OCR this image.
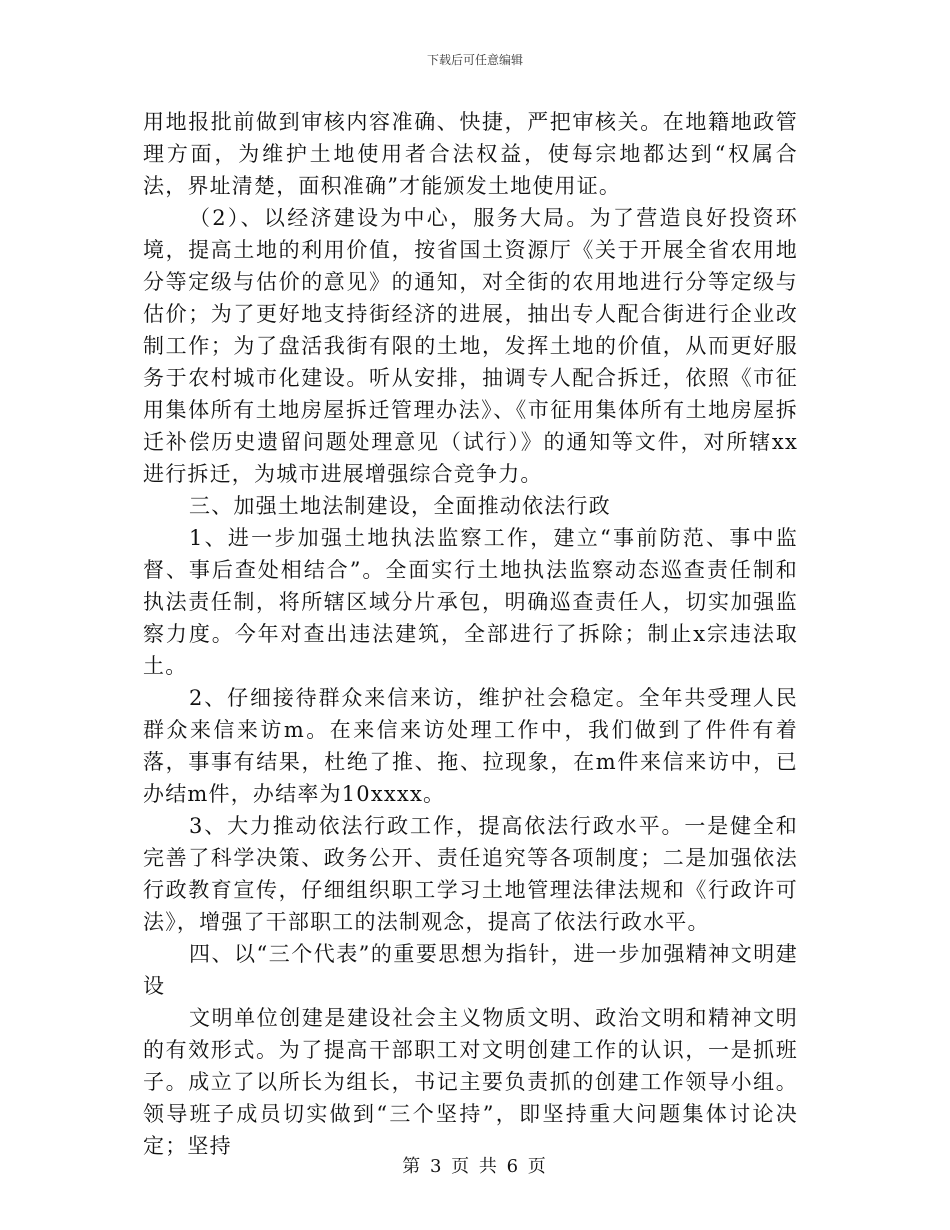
下载后可任意编辑

用地报批前做到审核内容准确、快捷，严把审核关。在地籍地政管理方面，为维护土地使用者合法权益，使每宗地都达到“权属合法，界址清楚，面积准确”才能颁发土地使用证。

（2）、以经济建设为中心，服务大局。为了营造良好投资环境，提高土地的利用价值，按省国土资源厅《关于开展全省农用地分等定级与估价的意见》的通知，对全街的农用地进行分等定级与估价；为了更好地支持街经济的进展，抽出专人配合街进行企业改制工作；为了盘活我街有限的土地，发挥土地的价值，从而更好服务于农村城市化建设。听从安排，抽调专人配合拆迁，依照《市征用集体所有土地房屋拆迁管理办法》、《市征用集体所有土地房屋拆迁补偿历史遗留问题处理意见（试行）》的通知等文件，对所辖xx进行拆迁，为城市进展增强综合竞争力。

三、加强土地法制建设，全面推动依法行政

1、进一步加强土地执法监察工作，建立“事前防范、事中监督、事后查处相结合”。全面实行土地执法监察动态巡查责任制和执法责任制，将所辖区域分片承包，明确巡查责任人，切实加强监察力度。今年对查出违法建筑，全部进行了拆除；制止x宗违法取土。

2、仔细接待群众来信来访，维护社会稳定。全年共受理人民群众来信来访m。在来信来访处理工作中，我们做到了件件有着落，事事有结果，杜绝了推、拖、拉现象，在m件来信来访中，已办结m件，办结率为10xxxx。

3、大力推动依法行政工作，提高依法行政水平。一是健全和完善了科学决策、政务公开、责任追究等各项制度；二是加强依法行政教育宣传，仔细组织职工学习土地管理法律法规和《行政许可法》，增强了干部职工的法制观念，提高了依法行政水平。

四、以“三个代表”的重要思想为指针，进一步加强精神文明建设

文明单位创建是建设社会主义物质文明、政治文明和精神文明的有效形式。为了提高干部职工对文明创建工作的认识，一是抓班子。成立了以所长为组长，书记主要负责抓的创建工作领导小组。领导班子成员切实做到“三个坚持”，即坚持重大问题集体讨论决定；坚持

第 3 页 共 6 页
